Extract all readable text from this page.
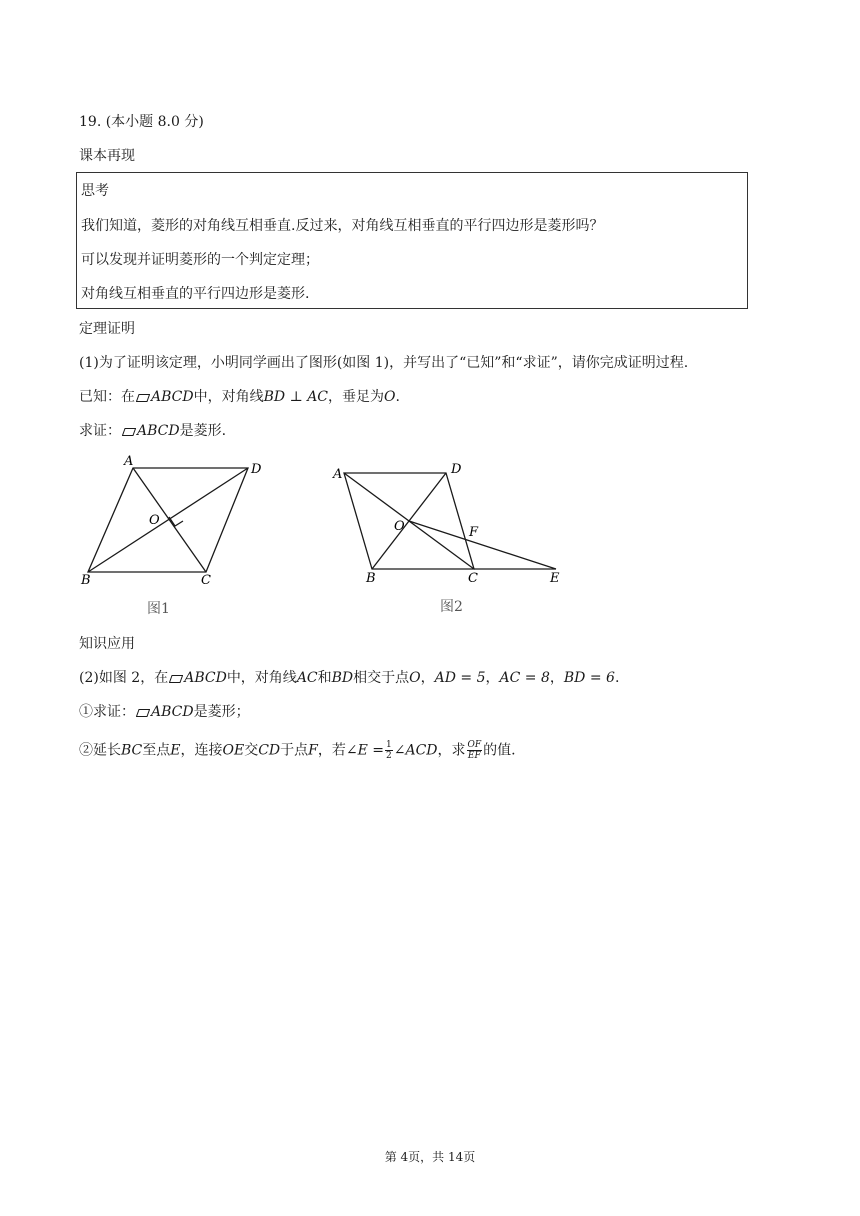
19. (本小题 8.0 分)
课本再现
思考
我们知道，菱形的对角线互相垂直.反过来，对角线互相垂直的平行四边形是菱形吗？
可以发现并证明菱形的一个判定定理；
对角线互相垂直的平行四边形是菱形.
定理证明
(1)为了证明该定理，小明同学画出了图形(如图 1)，并写出了“已知”和“求证”，请你完成证明过程.
已知：在 ABCD中，对角线BD ⊥ AC，垂足为O.
求证： ABCD是菱形.
A
D
O
B	C
图1
A	D
O	F
B	C	E
图2
知识应用
(2)如图 2，在 ABCD中，对角线AC和BD相交于点O，AD = 5，AC = 8，BD = 6.
①求证： ABCD是菱形；
②延长BC至点E，连接OE交CD于点F，若∠E = $\frac{1}{2}$ ∠ACD，求 $\frac{OF}{EF}$ 的值.
第 4页，共 14页
